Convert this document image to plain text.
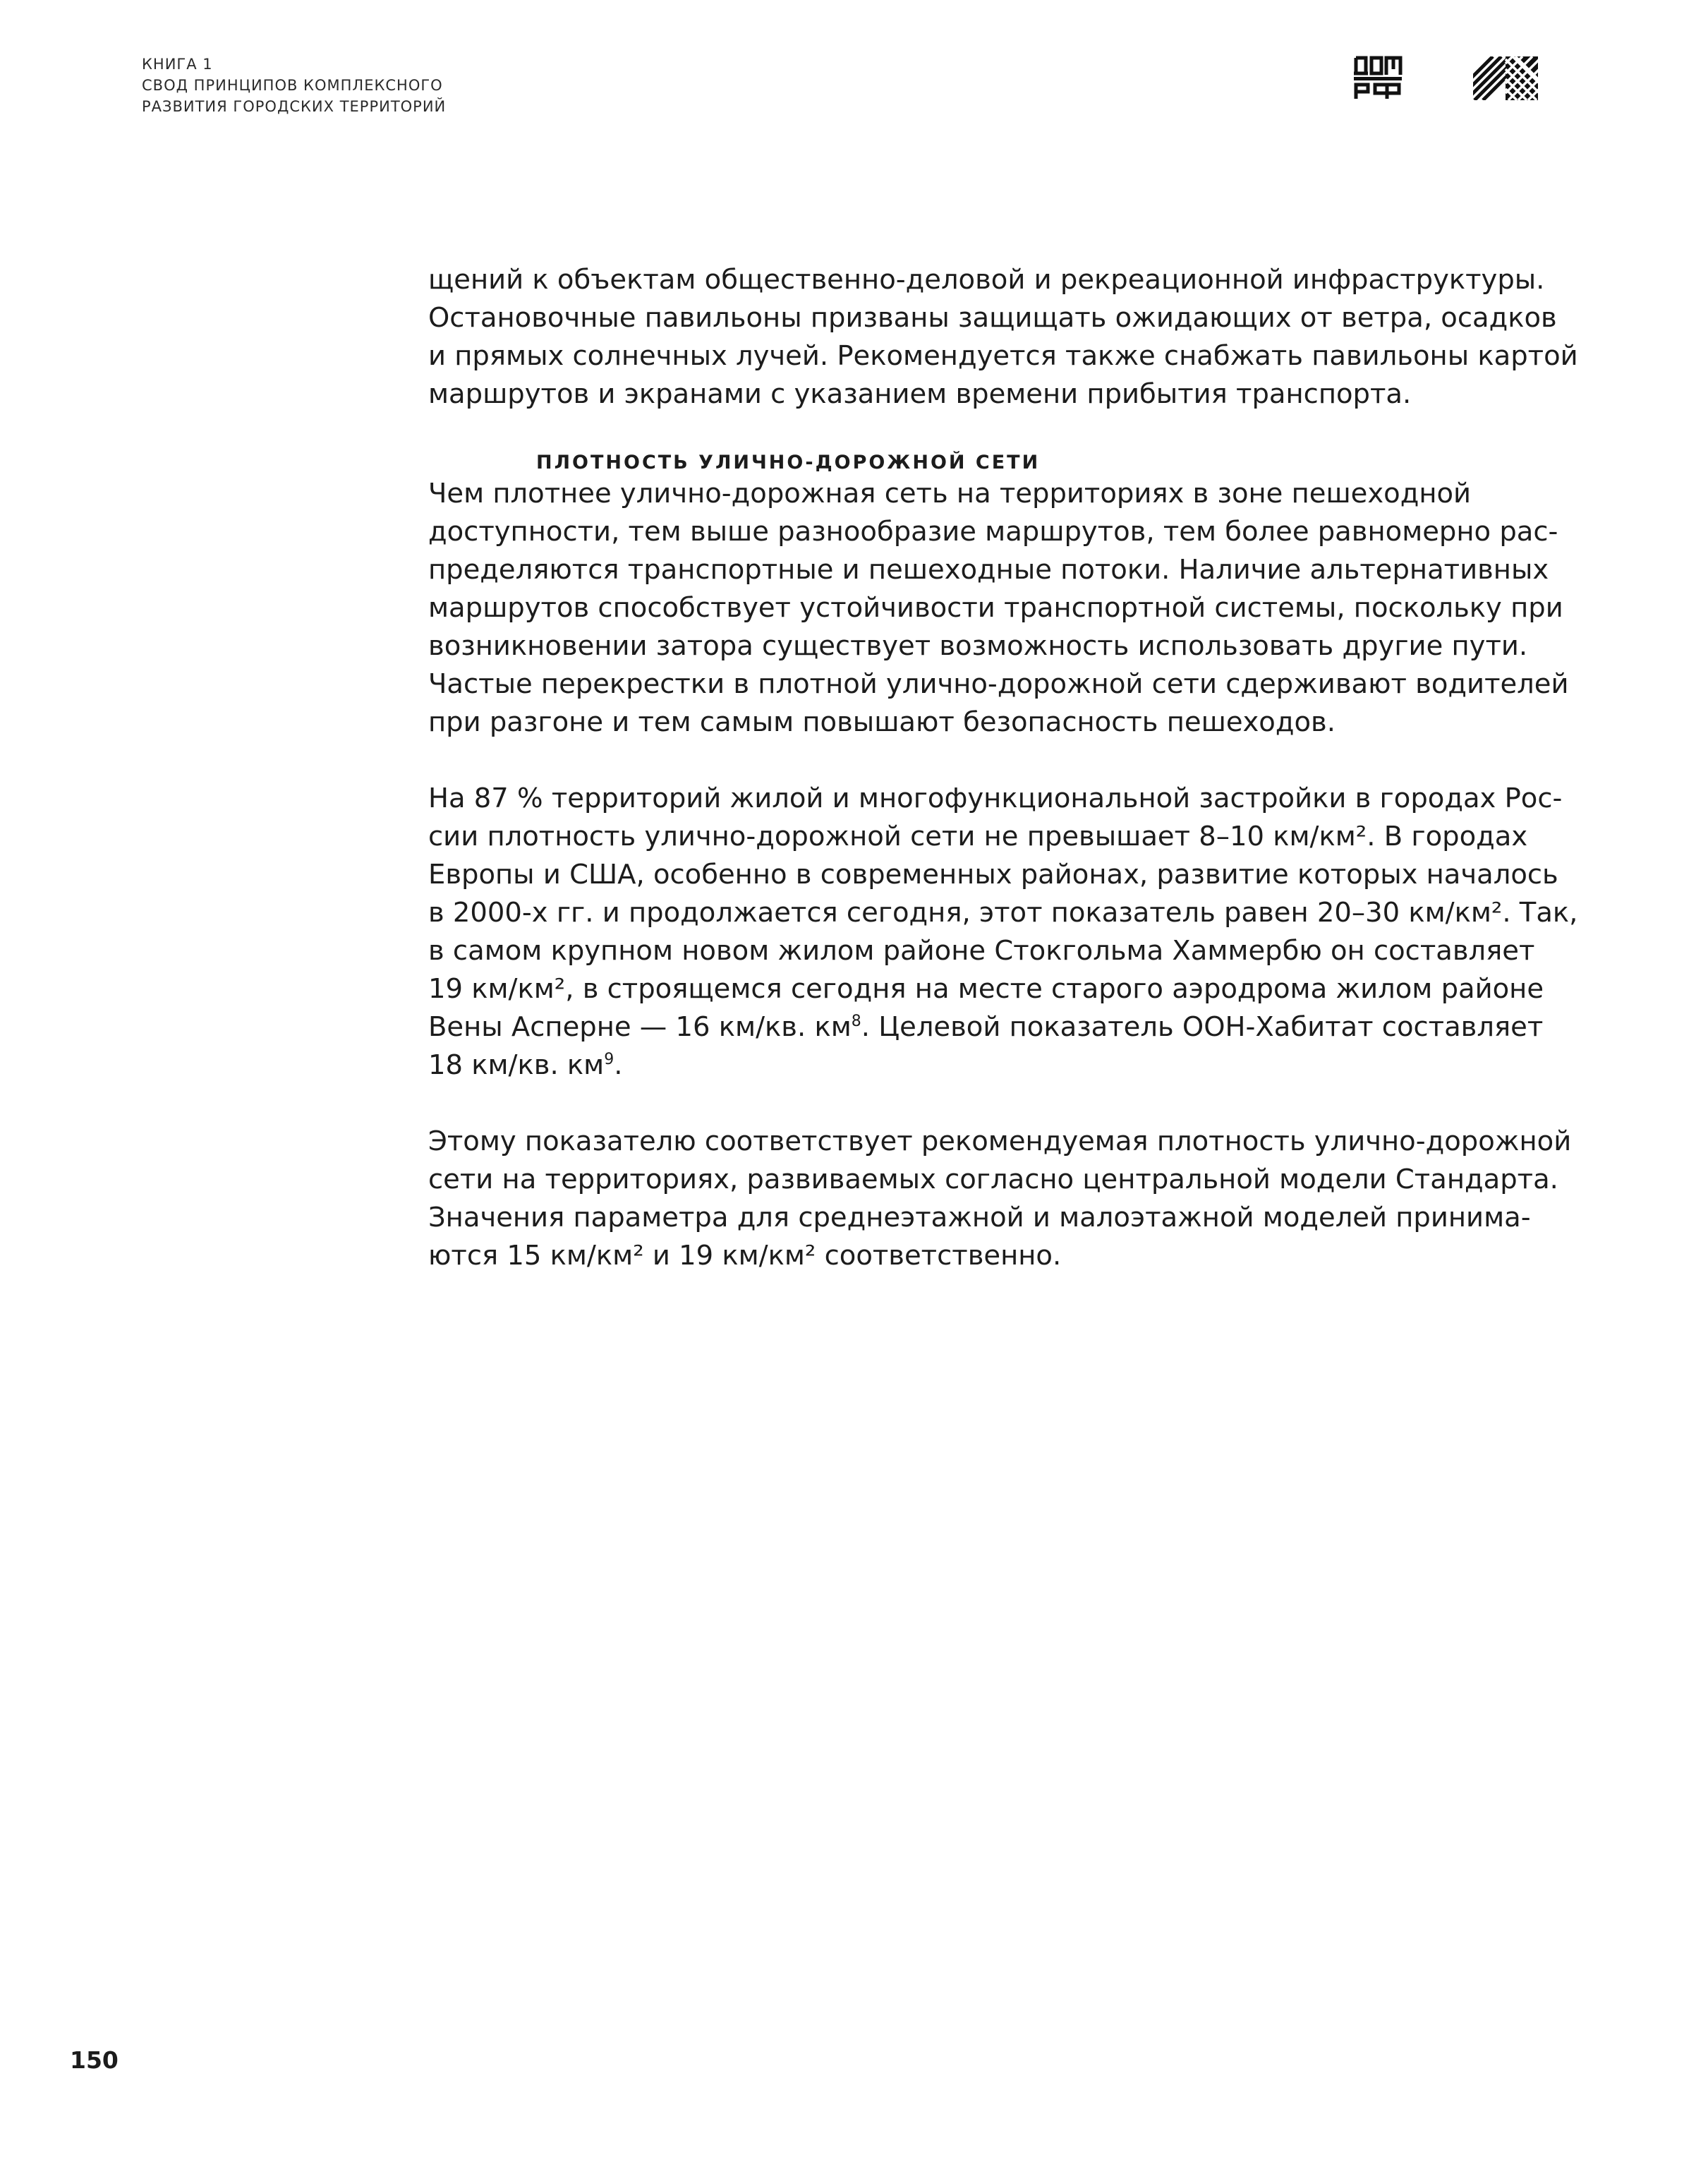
КНИГА 1
СВОД ПРИНЦИПОВ КОМПЛЕКСНОГО
РАЗВИТИЯ ГОРОДСКИХ ТЕРРИТОРИЙ
щений к объектам общественно-деловой и рекреационной инфраструктуры.
Остановочные павильоны призваны защищать ожидающих от ветра, осадков
и прямых солнечных лучей. Рекомендуется также снабжать павильоны картой
маршрутов и экранами с указанием времени прибытия транспорта.
ПЛОТНОСТЬ УЛИЧНО-ДОРОЖНОЙ СЕТИ
Чем плотнее улично-дорожная сеть на территориях в зоне пешеходной
доступности, тем выше разнообразие маршрутов, тем более равномерно рас-
пределяются транспортные и пешеходные потоки. Наличие альтернативных
маршрутов способствует устойчивости транспортной системы, поскольку при
возникновении затора существует возможность использовать другие пути.
Частые перекрестки в плотной улично-дорожной сети сдерживают водителей
при разгоне и тем самым повышают безопасность пешеходов.
На 87 % территорий жилой и многофункциональной застройки в городах Рос-
сии плотность улично-дорожной сети не превышает 8–10 км/км². В городах
Европы и США, особенно в современных районах, развитие которых началось
в 2000-х гг. и продолжается сегодня, этот показатель равен 20–30 км/км². Так,
в самом крупном новом жилом районе Стокгольма Хаммербю он составляет
19 км/км², в строящемся сегодня на месте старого аэродрома жилом районе
Вены Асперне — 16 км/кв. $км^8$. Целевой показатель ООН-Хабитат составляет
18 км/кв. $км^9$.
Этому показателю соответствует рекомендуемая плотность улично-дорожной
сети на территориях, развиваемых согласно центральной модели Стандарта.
Значения параметра для среднеэтажной и малоэтажной моделей принима-
ются 15 км/км² и 19 км/км² соответственно.
150
